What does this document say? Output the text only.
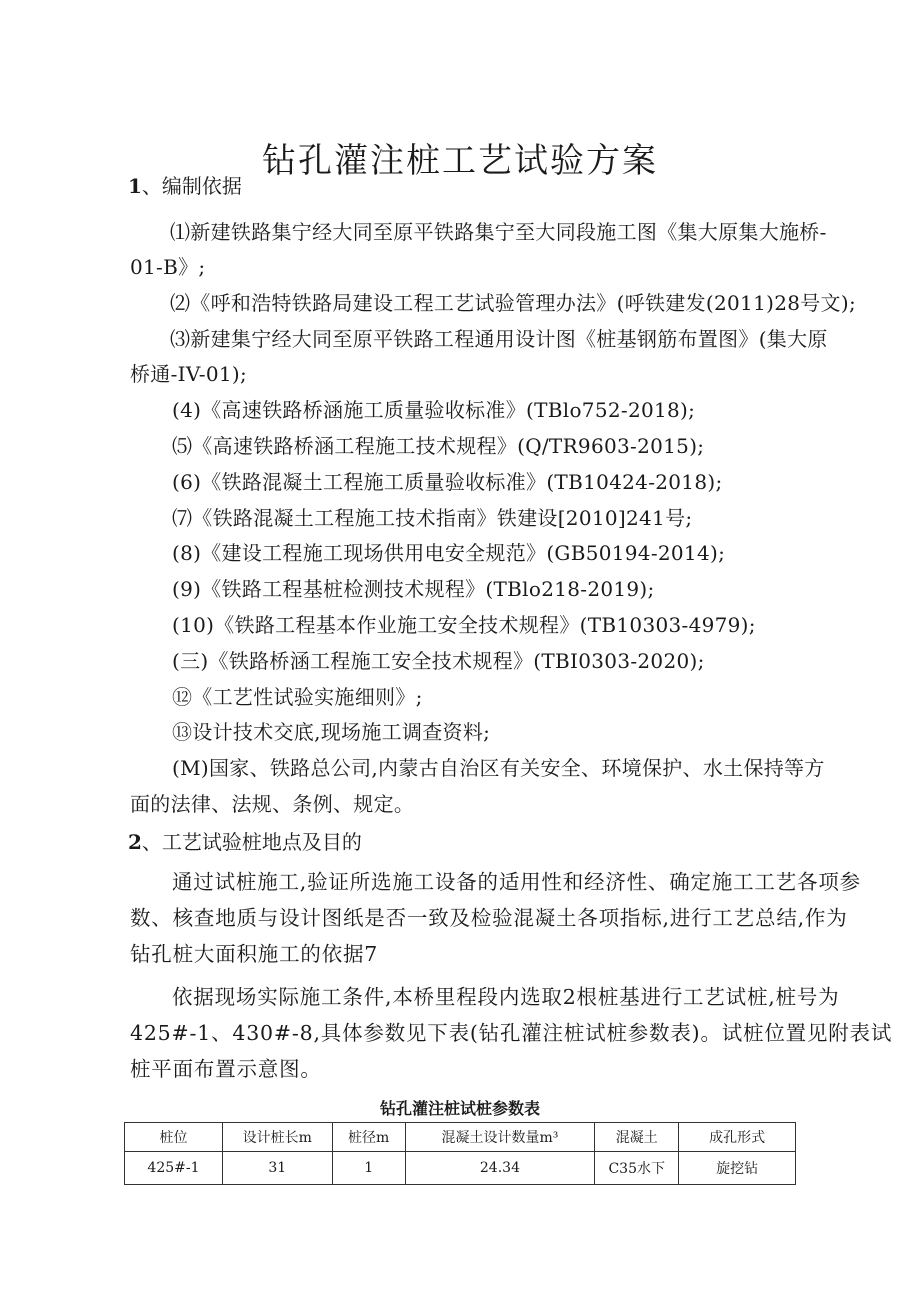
钻孔灌注桩工艺试验方案
1、编制依据
⑴新建铁路集宁经大同至原平铁路集宁至大同段施工图《集大原集大施桥-
01-B》;
⑵《呼和浩特铁路局建设工程工艺试验管理办法》(呼铁建发(2011)28号文);
⑶新建集宁经大同至原平铁路工程通用设计图《桩基钢筋布置图》(集大原
桥通-IV-01);
(4)《高速铁路桥涵施工质量验收标准》(TBlo752-2018);
⑸《高速铁路桥涵工程施工技术规程》(Q/TR9603-2015);
(6)《铁路混凝土工程施工质量验收标准》(TB10424-2018);
⑺《铁路混凝土工程施工技术指南》铁建设[2010]241号;
(8)《建设工程施工现场供用电安全规范》(GB50194-2014);
(9)《铁路工程基桩检测技术规程》(TBlo218-2019);
(10)《铁路工程基本作业施工安全技术规程》(TB10303-4979);
(三)《铁路桥涵工程施工安全技术规程》(TBI0303-2020);
⑫《工艺性试验实施细则》;
⑬设计技术交底,现场施工调查资料;
(M)国家、铁路总公司,内蒙古自治区有关安全、环境保护、水土保持等方
面的法律、法规、条例、规定。
2、工艺试验桩地点及目的
通过试桩施工,验证所选施工设备的适用性和经济性、确定施工工艺各项参
数、核查地质与设计图纸是否一致及检验混凝土各项指标,进行工艺总结,作为
钻孔桩大面积施工的依据7
依据现场实际施工条件,本桥里程段内选取2根桩基进行工艺试桩,桩号为
425#-1、430#-8,具体参数见下表(钻孔灌注桩试桩参数表)。试桩位置见附表试
桩平面布置示意图。
钻孔灌注桩试桩参数表
桩位	设计桩长m	桩径m	混凝土设计数量m³	混凝土	成孔形式
425#-1	31	1	24.34	C35水下	旋挖钻
